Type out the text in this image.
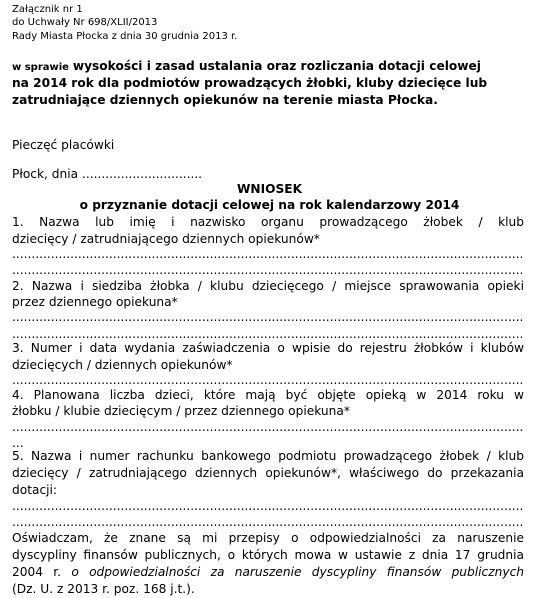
Załącznik nr 1
do Uchwały Nr 698/XLII/2013
Rady Miasta Płocka z dnia 30 grudnia 2013 r.
w sprawie wysokości i zasad ustalania oraz rozliczania dotacji celowej
na 2014 rok dla podmiotów prowadzących żłobki, kluby dziecięce lub
zatrudniające dziennych opiekunów na terenie miasta Płocka.
Pieczęć placówki
Płock, dnia ...............................
WNIOSEK
o przyznanie dotacji celowej na rok kalendarzowy 2014
1. Nazwa lub imię i nazwisko organu prowadzącego żłobek / klub
dziecięcy / zatrudniającego dziennych opiekunów*
.....
.....
2. Nazwa i siedziba żłobka / klubu dziecięcego / miejsce sprawowania opieki
przez dziennego opiekuna*
.....
.....
3. Numer i data wydania zaświadczenia o wpisie do rejestru żłobków i klubów
dziecięcych / dziennych opiekunów*
.....
4. Planowana liczba dzieci, które mają być objęte opieką w 2014 roku w
żłobku / klubie dziecięcym / przez dziennego opiekuna*
.....
...
5. Nazwa i numer rachunku bankowego podmiotu prowadzącego żłobek / klub
dziecięcy / zatrudniającego dziennych opiekunów*, właściwego do przekazania
dotacji:
.....
.....
Oświadczam, że znane są mi przepisy o odpowiedzialności za naruszenie
dyscypliny finansów publicznych, o których mowa w ustawie z dnia 17 grudnia
2004 r. o odpowiedzialności za naruszenie dyscypliny finansów publicznych
(Dz. U. z 2013 r. poz. 168 j.t.).
